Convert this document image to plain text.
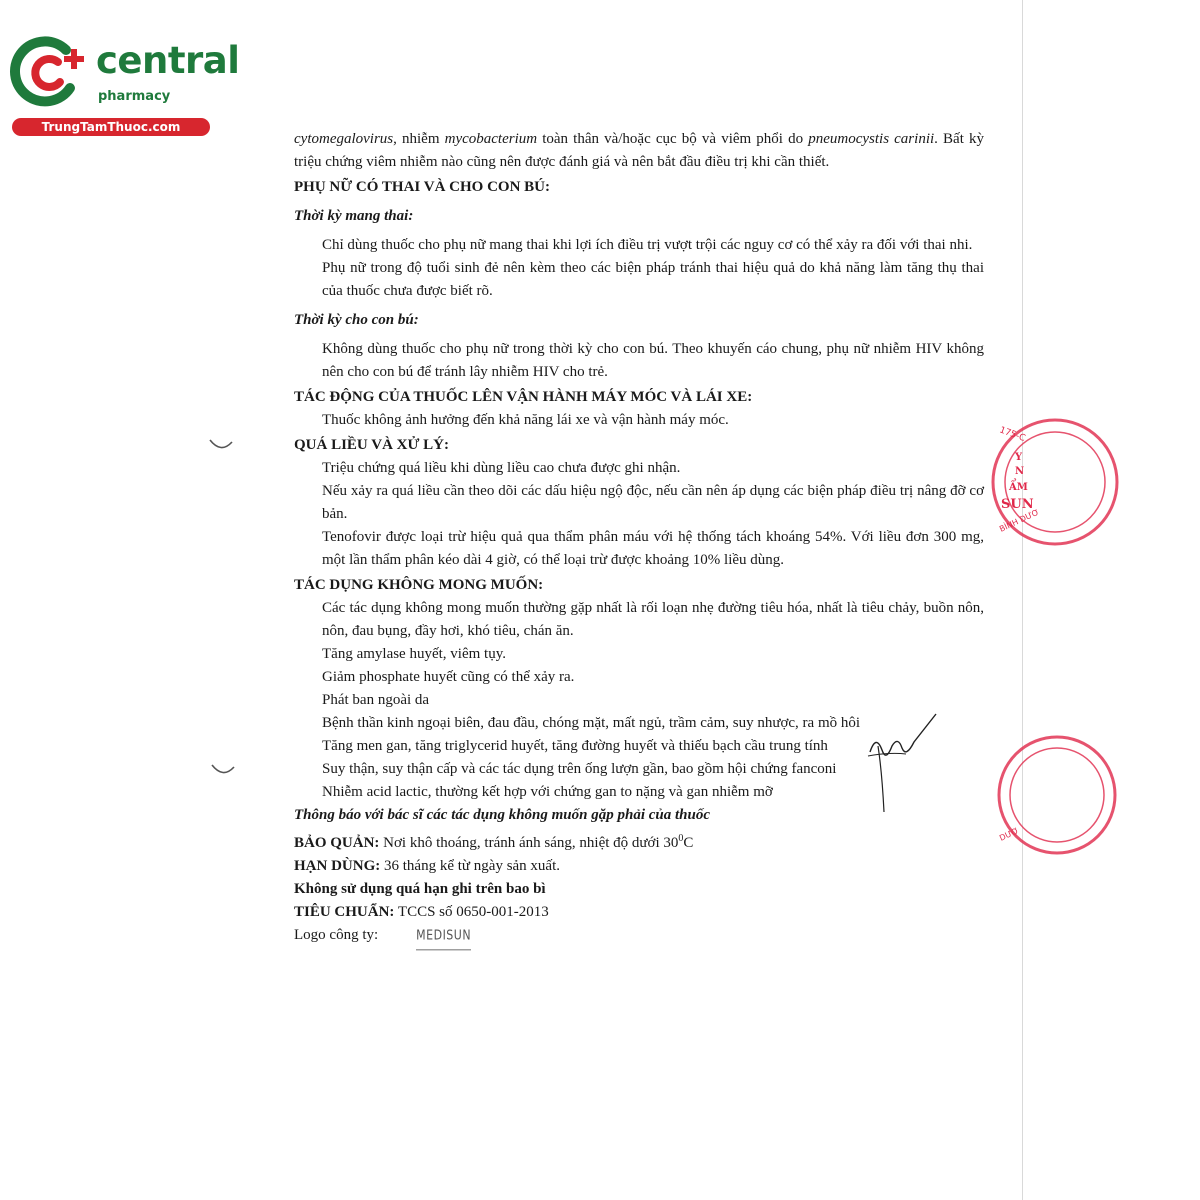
central
pharmacy
TrungTamThuoc.com
cytomegalovirus, nhiễm mycobacterium toàn thân và/hoặc cục bộ và viêm phổi do pneumocystis carinii. Bất kỳ triệu chứng viêm nhiễm nào cũng nên được đánh giá và nên bắt đầu điều trị khi cần thiết.
PHỤ NỮ CÓ THAI VÀ CHO CON BÚ:
Thời kỳ mang thai:
Chỉ dùng thuốc cho phụ nữ mang thai khi lợi ích điều trị vượt trội các nguy cơ có thể xảy ra đối với thai nhi.
Phụ nữ trong độ tuổi sinh đẻ nên kèm theo các biện pháp tránh thai hiệu quả do khả năng làm tăng thụ thai của thuốc chưa được biết rõ.
Thời kỳ cho con bú:
Không dùng thuốc cho phụ nữ trong thời kỳ cho con bú. Theo khuyến cáo chung, phụ nữ nhiễm HIV không nên cho con bú để tránh lây nhiễm HIV cho trẻ.
TÁC ĐỘNG CỦA THUỐC LÊN VẬN HÀNH MÁY MÓC VÀ LÁI XE:
Thuốc không ảnh hưởng đến khả năng lái xe và vận hành máy móc.
QUÁ LIỀU VÀ XỬ LÝ:
Triệu chứng quá liều khi dùng liều cao chưa được ghi nhận.
Nếu xảy ra quá liều cần theo dõi các dấu hiệu ngộ độc, nếu cần nên áp dụng các biện pháp điều trị nâng đỡ cơ bản.
Tenofovir được loại trừ hiệu quả qua thẩm phân máu với hệ thống tách khoáng 54%. Với liều đơn 300 mg, một lần thẩm phân kéo dài 4 giờ, có thể loại trừ được khoảng 10% liều dùng.
TÁC DỤNG KHÔNG MONG MUỐN:
Các tác dụng không mong muốn thường gặp nhất là rối loạn nhẹ đường tiêu hóa, nhất là tiêu chảy, buồn nôn, nôn, đau bụng, đầy hơi, khó tiêu, chán ăn.
Tăng amylase huyết, viêm tụy.
Giảm phosphate huyết cũng có thể xảy ra.
Phát ban ngoài da
Bệnh thần kinh ngoại biên, đau đầu, chóng mặt, mất ngủ, trầm cảm, suy nhược, ra mồ hôi
Tăng men gan, tăng triglycerid huyết, tăng đường huyết và thiếu bạch cầu trung tính
Suy thận, suy thận cấp và các tác dụng trên ống lượn gần, bao gồm hội chứng fanconi
Nhiễm acid lactic, thường kết hợp với chứng gan to nặng và gan nhiễm mỡ
Thông báo với bác sĩ các tác dụng không muốn gặp phải của thuốc
BẢO QUẢN: Nơi khô thoáng, tránh ánh sáng, nhiệt độ dưới $30^0C$
HẠN DÙNG: 36 tháng kể từ ngày sản xuất.
Không sử dụng quá hạn ghi trên bao bì
TIÊU CHUẨN: TCCS số 0650-001-2013
Logo công ty:	MEDISUN
175-C
Y
N
ẨM
SUN
BÌNH DƯƠ
DƯỢ
